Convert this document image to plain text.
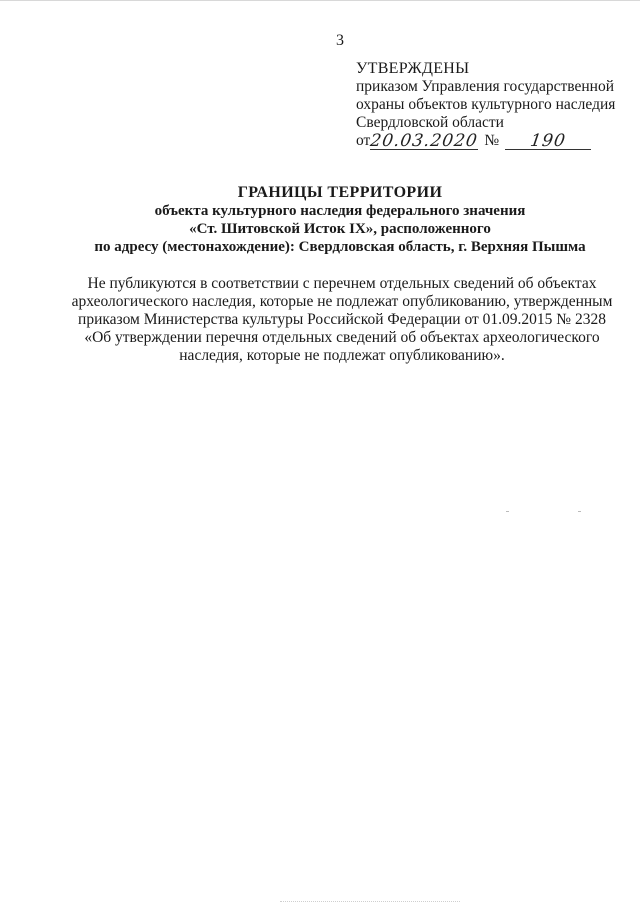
3
УТВЕРЖДЕНЫ
приказом Управления государственной
охраны объектов культурного наследия
Свердловской области
от
20.03.2020 №	190
ГРАНИЦЫ ТЕРРИТОРИИ
объекта культурного наследия федерального значения
«Ст. Шитовской Исток IX», расположенного
по адресу (местонахождение): Свердловская область, г. Верхняя Пышма
Не публикуются в соответствии с перечнем отдельных сведений об объектах
археологического наследия, которые не подлежат опубликованию, утвержденным
приказом Министерства культуры Российской Федерации от 01.09.2015 № 2328
«Об утверждении перечня отдельных сведений об объектах археологического
наследия, которые не подлежат опубликованию».
